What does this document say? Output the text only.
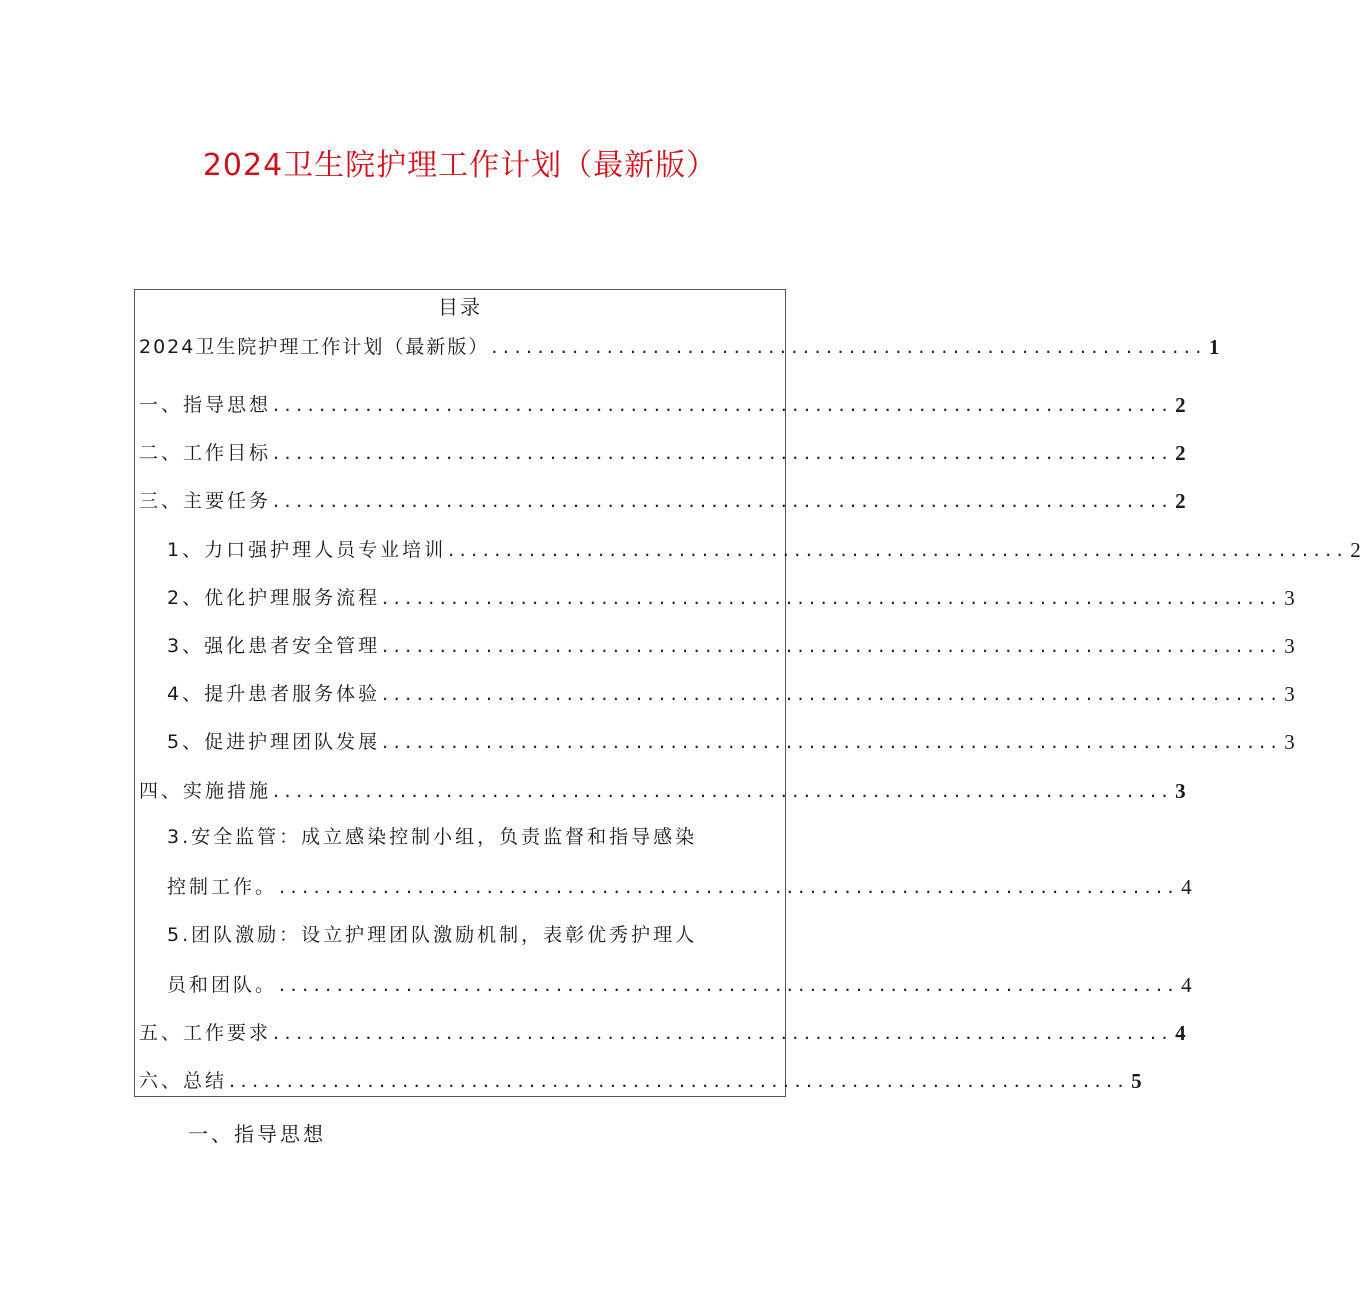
2024卫生院护理工作计划（最新版）
目录
2024卫生院护理工作计划（最新版） .............................................................. 1
一、指导思想 .............................................................................. 2
二、工作目标 .............................................................................. 2
三、主要任务 .............................................................................. 2
1、力口强护理人员专业培训 .............................................................................. 2
2、优化护理服务流程 .............................................................................. 3
3、强化患者安全管理 .............................................................................. 3
4、提升患者服务体验 .............................................................................. 3
5、促进护理团队发展 .............................................................................. 3
四、实施措施 .............................................................................. 3
3.安全监管：成立感染控制小组，负责监督和指导感染
控制工作。 .............................................................................. 4
5.团队激励：设立护理团队激励机制，表彰优秀护理人
员和团队。 .............................................................................. 4
五、工作要求 .............................................................................. 4
六、总结 .............................................................................. 5
一、指导思想
